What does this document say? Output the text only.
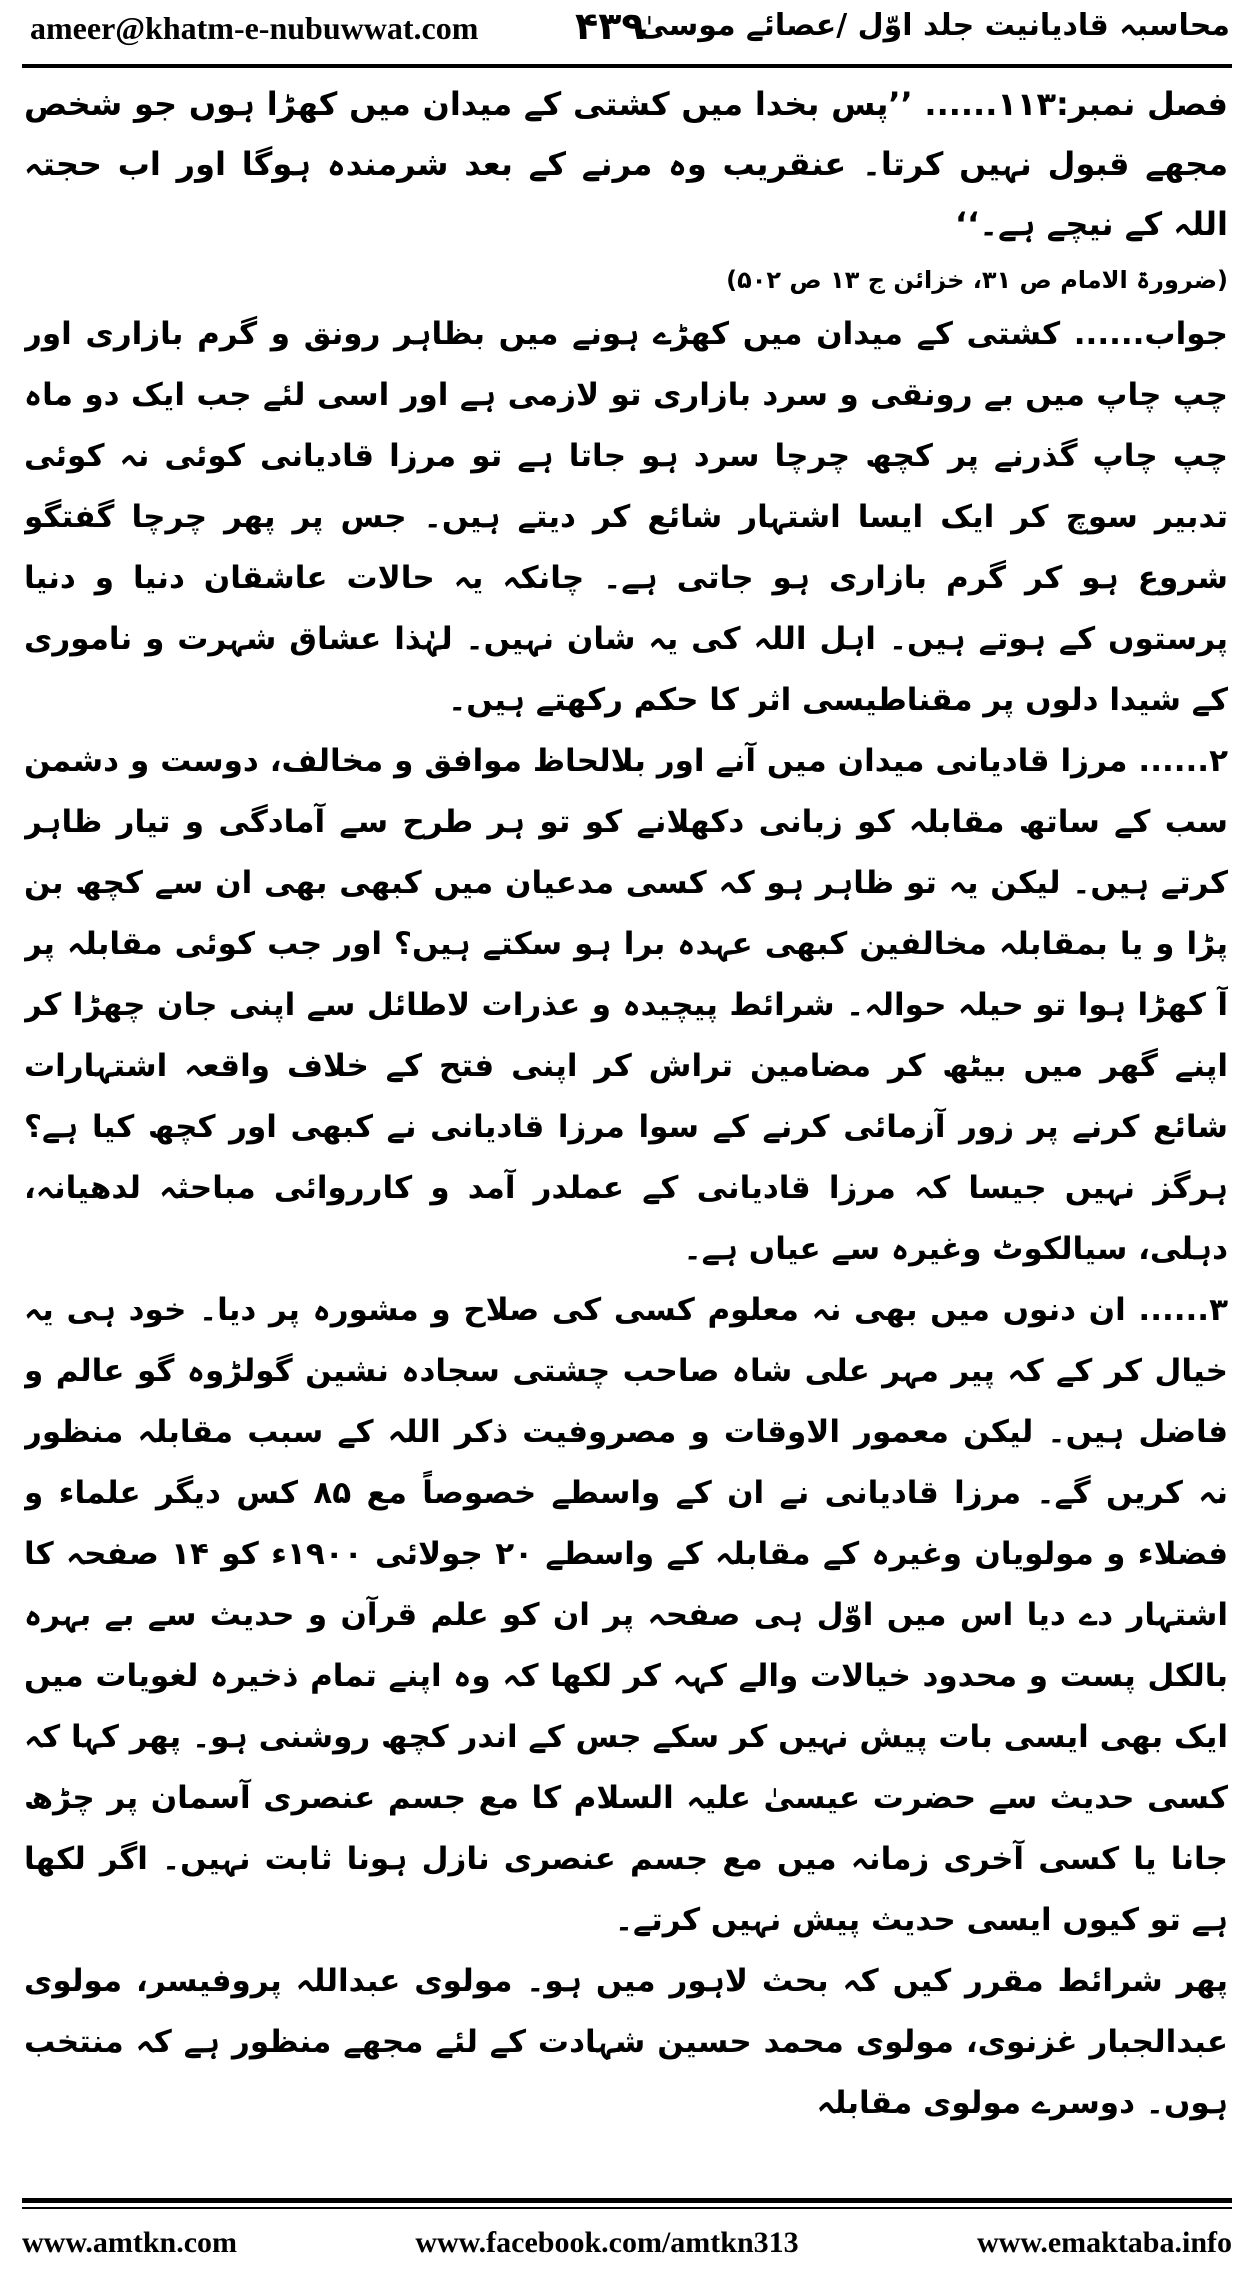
ameer@khatm-e-nubuwwat.com	۴۳۹
محاسبہ قادیانیت جلد اوّل /عصائے موسیٰ

فصل نمبر:۱۱۳...... ’’پس بخدا میں کشتی کے میدان میں کھڑا ہوں جو شخص مجھے قبول نہیں کرتا۔ عنقریب وہ مرنے کے بعد شرمندہ ہوگا اور اب حجتہ اللہ کے نیچے ہے۔‘‘

(ضرورۃ الامام ص ۳۱، خزائن ج ۱۳ ص ۵۰۲)

جواب...... کشتی کے میدان میں کھڑے ہونے میں بظاہر رونق و گرم بازاری اور چپ چاپ میں بے رونقی و سرد بازاری تو لازمی ہے اور اسی لئے جب ایک دو ماہ چپ چاپ گذرنے پر کچھ چرچا سرد ہو جاتا ہے تو مرزا قادیانی کوئی نہ کوئی تدبیر سوچ کر ایک ایسا اشتہار شائع کر دیتے ہیں۔ جس پر پھر چرچا گفتگو شروع ہو کر گرم بازاری ہو جاتی ہے۔ چانکہ یہ حالات عاشقان دنیا و دنیا پرستوں کے ہوتے ہیں۔ اہل اللہ کی یہ شان نہیں۔ لہٰذا عشاق شہرت و ناموری کے شیدا دلوں پر مقناطیسی اثر کا حکم رکھتے ہیں۔

۲...... مرزا قادیانی میدان میں آنے اور بلالحاظ موافق و مخالف، دوست و دشمن سب کے ساتھ مقابلہ کو زبانی دکھلانے کو تو ہر طرح سے آمادگی و تیار ظاہر کرتے ہیں۔ لیکن یہ تو ظاہر ہو کہ کسی مدعیان میں کبھی بھی ان سے کچھ بن پڑا و یا بمقابلہ مخالفین کبھی عہدہ برا ہو سکتے ہیں؟ اور جب کوئی مقابلہ پر آ کھڑا ہوا تو حیلہ حوالہ۔ شرائط پیچیدہ و عذرات لاطائل سے اپنی جان چھڑا کر اپنے گھر میں بیٹھ کر مضامین تراش کر اپنی فتح کے خلاف واقعہ اشتہارات شائع کرنے پر زور آزمائی کرنے کے سوا مرزا قادیانی نے کبھی اور کچھ کیا ہے؟ ہرگز نہیں جیسا کہ مرزا قادیانی کے عملدر آمد و کارروائی مباحثہ لدھیانہ، دہلی، سیالکوٹ وغیرہ سے عیاں ہے۔

۳...... ان دنوں میں بھی نہ معلوم کسی کی صلاح و مشورہ پر دیا۔ خود ہی یہ خیال کر کے کہ پیر مہر علی شاہ صاحب چشتی سجادہ نشین گولڑوہ گو عالم و فاضل ہیں۔ لیکن معمور الاوقات و مصروفیت ذکر اللہ کے سبب مقابلہ منظور نہ کریں گے۔ مرزا قادیانی نے ان کے واسطے خصوصاً مع ۸۵ کس دیگر علماء و فضلاء و مولویان وغیرہ کے مقابلہ کے واسطے ۲۰ جولائی ۱۹۰۰ء کو ۱۴ صفحہ کا اشتہار دے دیا اس میں اوّل ہی صفحہ پر ان کو علم قرآن و حدیث سے بے بہرہ بالکل پست و محدود خیالات والے کہہ کر لکھا کہ وہ اپنے تمام ذخیرہ لغویات میں ایک بھی ایسی بات پیش نہیں کر سکے جس کے اندر کچھ روشنی ہو۔ پھر کہا کہ کسی حدیث سے حضرت عیسیٰ علیہ السلام کا مع جسم عنصری آسمان پر چڑھ جانا یا کسی آخری زمانہ میں مع جسم عنصری نازل ہونا ثابت نہیں۔ اگر لکھا ہے تو کیوں ایسی حدیث پیش نہیں کرتے۔

پھر شرائط مقرر کیں کہ بحث لاہور میں ہو۔ مولوی عبداللہ پروفیسر، مولوی عبدالجبار غزنوی، مولوی محمد حسین شہادت کے لئے مجھے منظور ہے کہ منتخب ہوں۔ دوسرے مولوی مقابلہ

www.amtkn.com	www.facebook.com/amtkn313	www.emaktaba.info
